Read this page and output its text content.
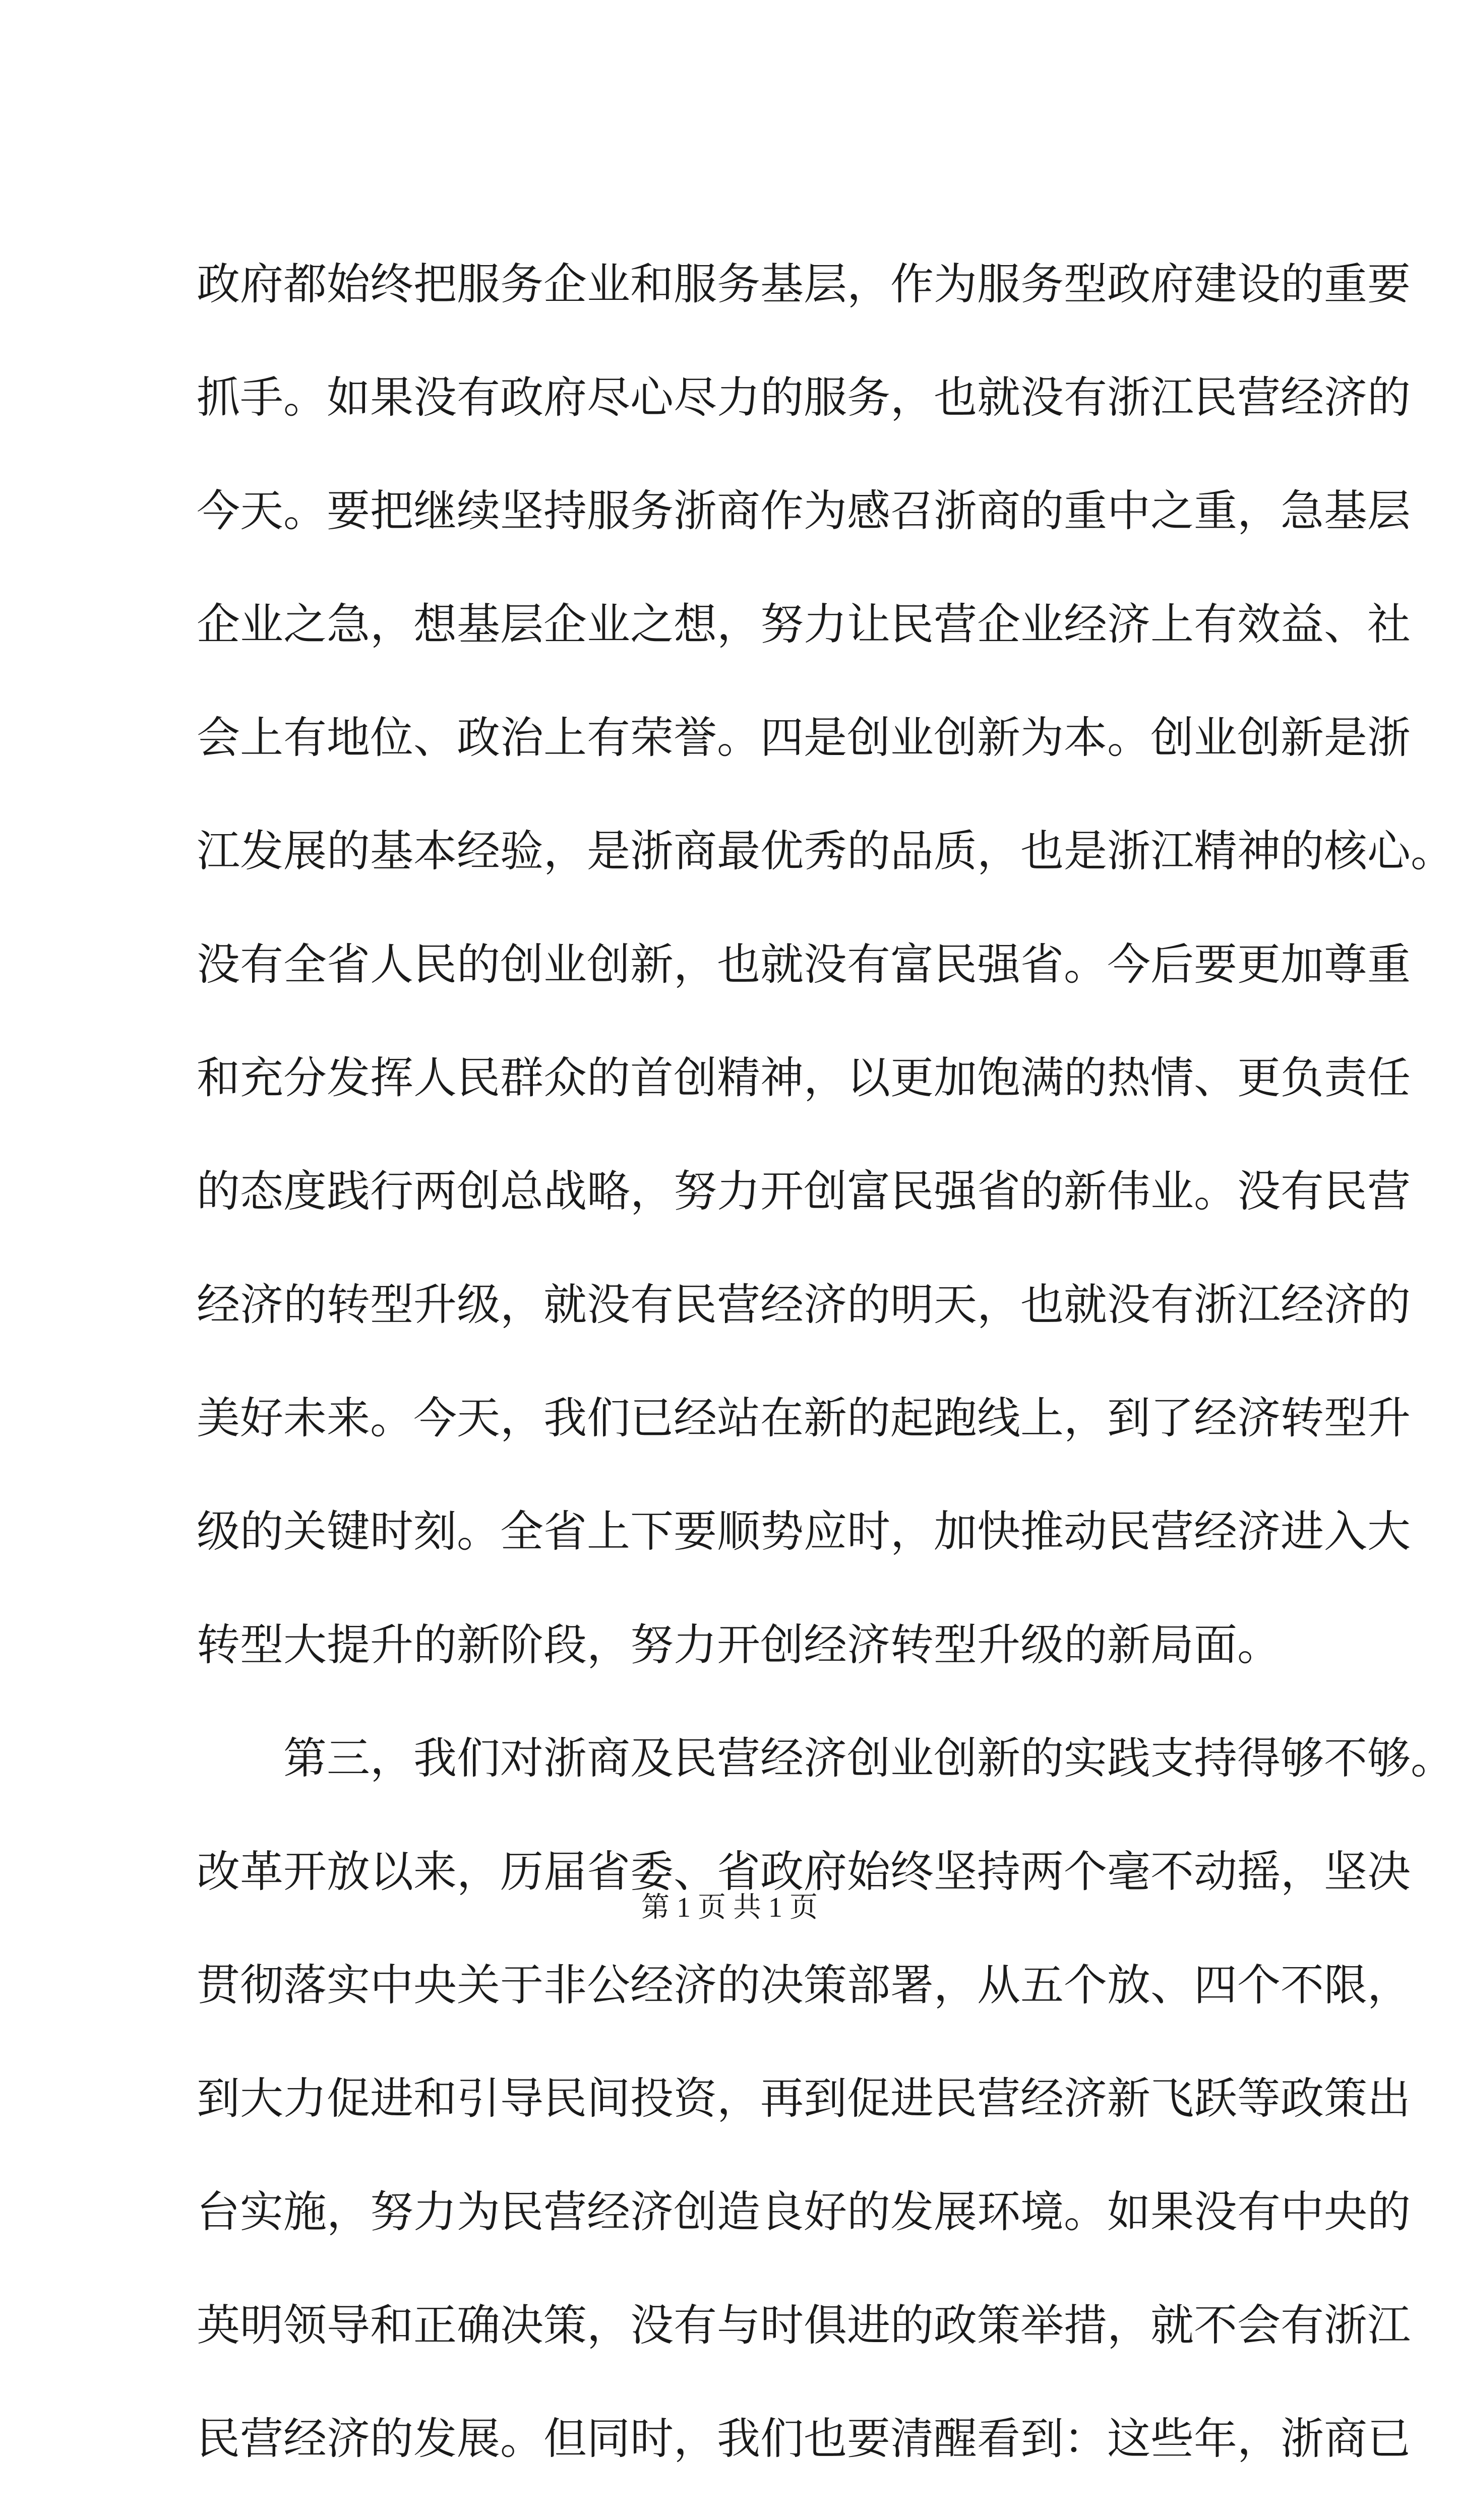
政府都始终把服务企业和服务基层，作为服务型政府建设的重要
抓手。如果没有政府尽心尽力的服务，也就没有浙江民营经济的
今天。要把继续坚持服务浙商作为感召浙商的重中之重，急基层
企业之急，想基层企业之想，努力让民营企业经济上有效益、社
会上有地位、政治上有荣誉。四是创业创新为本。创业创新是浙
江发展的基本经验，是浙商最优秀的品质，也是浙江精神的核心。
没有全省人民的创业创新，也就没有富民强省。今后要更加尊重
和充分发挥人民群众的首创精神，以更加饱满的热情、更负责任
的态度践行两创总战略，努力开创富民强省的新伟业。没有民营
经济的转型升级，就没有民营经济的明天，也就没有浙江经济的
美好未来。今天，我们已经站在新的起跑线上，到了经济转型升
级的关键时刻。全省上下要顺势应时，加快推动民营经济进入大
转型大提升的新阶段，努力开创经济转型升级的新局面。
第三，我们对浙商及民营经济创业创新的实践支持得够不够。
改革开放以来，历届省委、省政府始终坚持两个毫不动摇，坚决
贯彻落实中央关于非公经济的决策部署，从五个放、四个不限，
到大力促进和引导民间投资，再到促进民营经济新飞跃等政策出
台实施，努力为民营经济创造良好的发展环境。如果没有中央的
英明领导和正确决策，没有与时俱进的政策举措，就不会有浙江
民营经济的发展。但同时，我们也要清醒看到：这些年，浙商已
第 1 页 共 1 页
